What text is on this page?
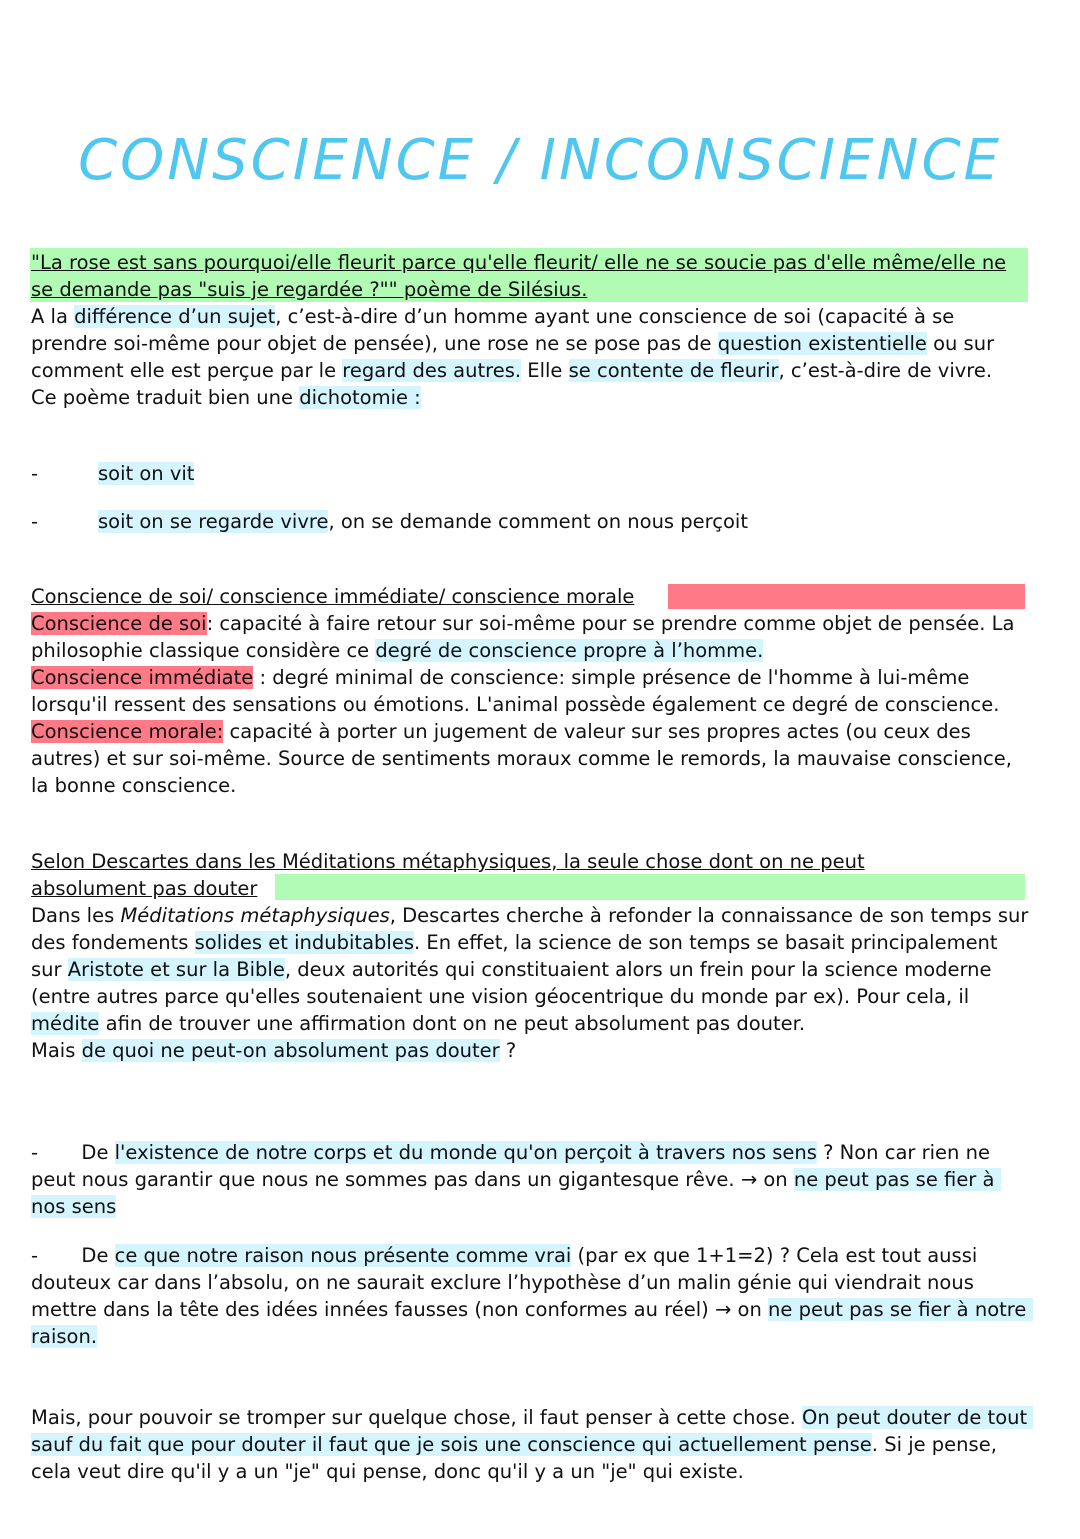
CONSCIENCE / INCONSCIENCE

"La rose est sans pourquoi/elle fleurit parce qu'elle fleurit/ elle ne se soucie pas d'elle même/elle ne se demande pas "suis je regardée ?"" poème de Silésius.

A la différence d’un sujet, c’est-à-dire d’un homme ayant une conscience de soi (capacité à se prendre soi-même pour objet de pensée), une rose ne se pose pas de question existentielle ou sur comment elle est perçue par le regard des autres. Elle se contente de fleurir, c’est-à-dire de vivre.

Ce poème traduit bien une dichotomie :

-	soit on vit
-	soit on se regarde vivre, on se demande comment on nous perçoit

Conscience de soi/ conscience immédiate/ conscience morale

Conscience de soi: capacité à faire retour sur soi-même pour se prendre comme objet de pensée. La philosophie classique considère ce degré de conscience propre à l’homme.

Conscience immédiate : degré minimal de conscience: simple présence de l'homme à lui-même lorsqu'il ressent des sensations ou émotions. L'animal possède également ce degré de conscience.

Conscience morale: capacité à porter un jugement de valeur sur ses propres actes (ou ceux des autres) et sur soi-même. Source de sentiments moraux comme le remords, la mauvaise conscience, la bonne conscience.

Selon Descartes dans les Méditations métaphysiques, la seule chose dont on ne peut absolument pas douter

Dans les Méditations métaphysiques, Descartes cherche à refonder la connaissance de son temps sur des fondements solides et indubitables. En effet, la science de son temps se basait principalement sur Aristote et sur la Bible, deux autorités qui constituaient alors un frein pour la science moderne (entre autres parce qu'elles soutenaient une vision géocentrique du monde par ex). Pour cela, il médite afin de trouver une affirmation dont on ne peut absolument pas douter.

Mais de quoi ne peut-on absolument pas douter ?

-       De l'existence de notre corps et du monde qu'on perçoit à travers nos sens ? Non car rien ne peut nous garantir que nous ne sommes pas dans un gigantesque rêve. → on ne peut pas se fier à nos sens

-       De ce que notre raison nous présente comme vrai (par ex que 1+1=2) ? Cela est tout aussi douteux car dans l’absolu, on ne saurait exclure l’hypothèse d’un malin génie qui viendrait nous mettre dans la tête des idées innées fausses (non conformes au réel) → on ne peut pas se fier à notre raison.

Mais, pour pouvoir se tromper sur quelque chose, il faut penser à cette chose. On peut douter de tout sauf du fait que pour douter il faut que je sois une conscience qui actuellement pense. Si je pense, cela veut dire qu'il y a un "je" qui pense, donc qu'il y a un "je" qui existe.
